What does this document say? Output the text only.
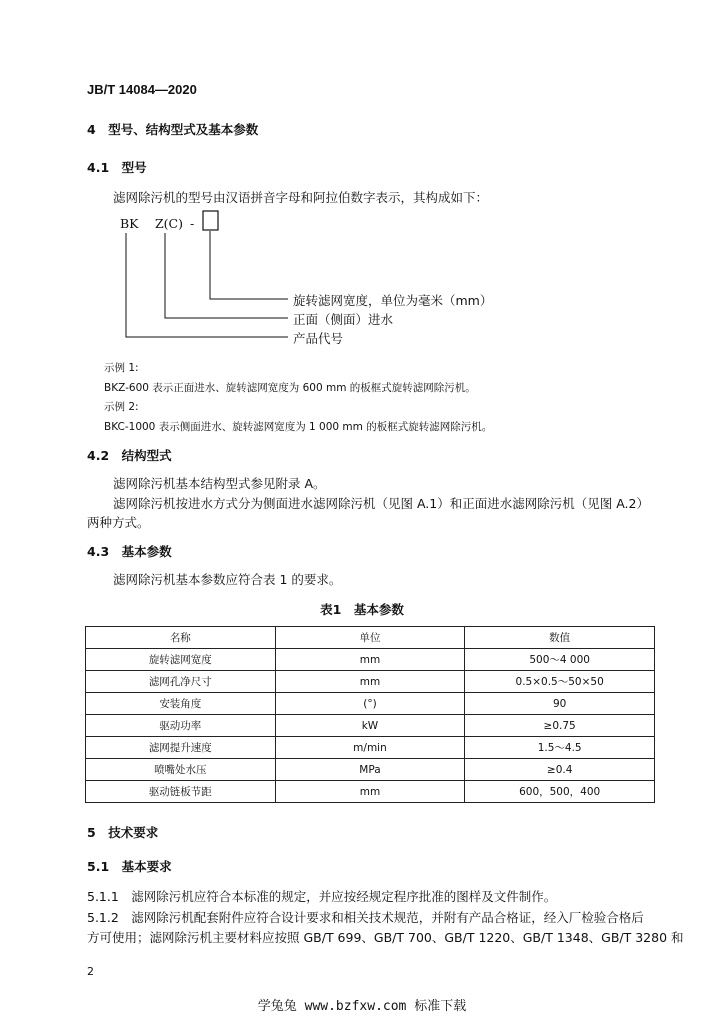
JB/T 14084—2020
4　型号、结构型式及基本参数
4.1　型号
滤网除污机的型号由汉语拼音字母和阿拉伯数字表示，其构成如下：
BK Z(C) -
旋转滤网宽度，单位为毫米（mm）
正面（侧面）进水
产品代号
示例 1:
BKZ-600 表示正面进水、旋转滤网宽度为 600 mm 的板框式旋转滤网除污机。
示例 2:
BKC-1000 表示侧面进水、旋转滤网宽度为 1 000 mm 的板框式旋转滤网除污机。
4.2　结构型式
滤网除污机基本结构型式参见附录 A。
滤网除污机按进水方式分为侧面进水滤网除污机（见图 A.1）和正面进水滤网除污机（见图 A.2）
两种方式。
4.3　基本参数
滤网除污机基本参数应符合表 1 的要求。
表1　基本参数
名称	单位	数值
旋转滤网宽度	mm	500～4 000
滤网孔净尺寸	mm	0.5×0.5～50×50
安装角度	(°)	90
驱动功率	kW	≥0.75
滤网提升速度	m/min	1.5～4.5
喷嘴处水压	MPa	≥0.4
驱动链板节距	mm	600，500，400
5　技术要求
5.1　基本要求
5.1.1　滤网除污机应符合本标准的规定，并应按经规定程序批准的图样及文件制作。
5.1.2　滤网除污机配套附件应符合设计要求和相关技术规范，并附有产品合格证，经入厂检验合格后
方可使用；滤网除污机主要材料应按照 GB/T 699、GB/T 700、GB/T 1220、GB/T 1348、GB/T 3280 和
2
学兔兔 www.bzfxw.com 标准下载
